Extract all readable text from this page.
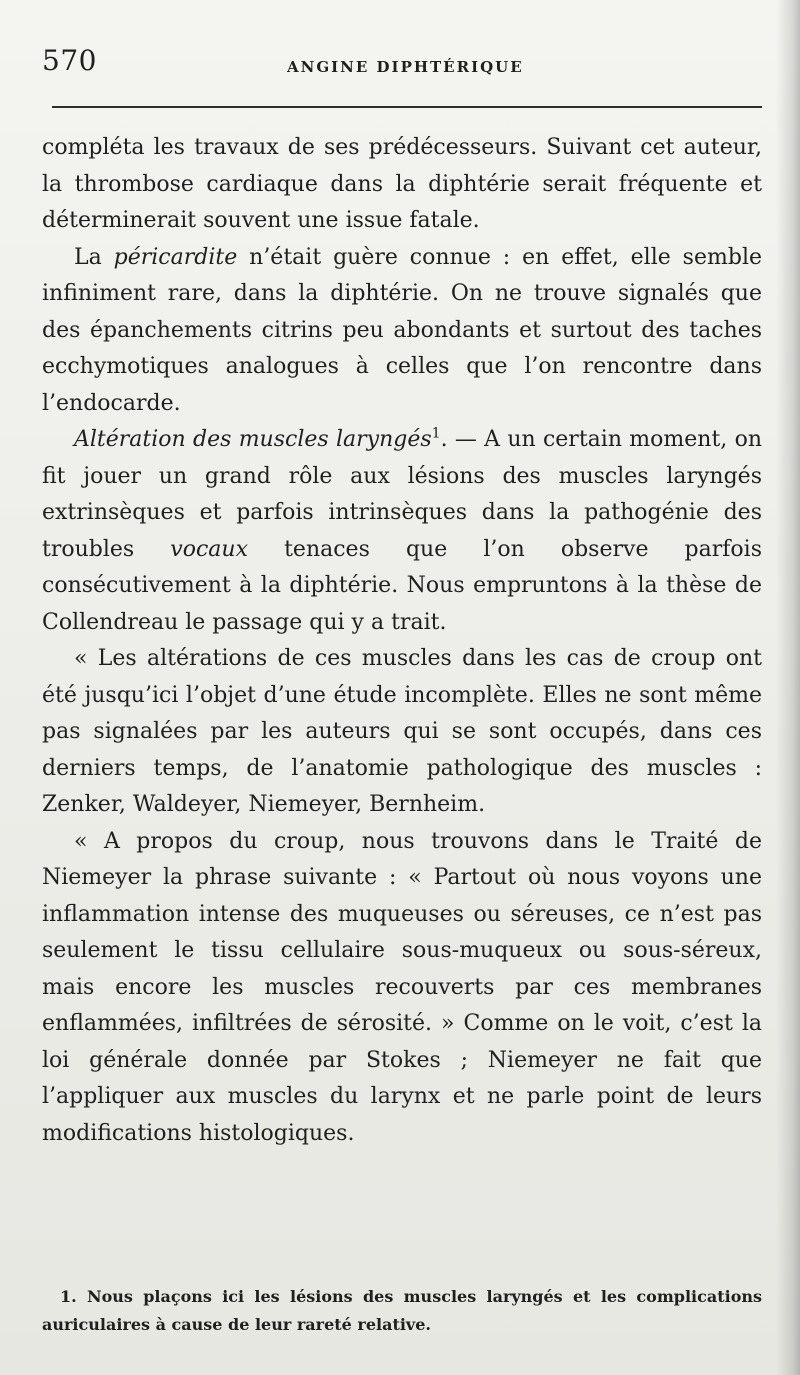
570	ANGINE DIPHTÉRIQUE

compléta les travaux de ses prédécesseurs. Suivant cet auteur, la thrombose cardiaque dans la diphtérie serait fréquente et déterminerait souvent une issue fatale.

La péricardite n’était guère connue : en effet, elle semble infiniment rare, dans la diphtérie. On ne trouve signalés que des épanchements citrins peu abondants et surtout des taches ecchymotiques analogues à celles que l’on rencontre dans l’endocarde.

Altération des muscles laryngés$^1$. — A un certain moment, on fit jouer un grand rôle aux lésions des muscles laryngés extrinsèques et parfois intrinsèques dans la pathogénie des troubles vocaux tenaces que l’on observe parfois consécutivement à la diphtérie. Nous empruntons à la thèse de Collendreau le passage qui y a trait.

« Les altérations de ces muscles dans les cas de croup ont été jusqu’ici l’objet d’une étude incomplète. Elles ne sont même pas signalées par les auteurs qui se sont occupés, dans ces derniers temps, de l’anatomie pathologique des muscles : Zenker, Waldeyer, Niemeyer, Bernheim.

« A propos du croup, nous trouvons dans le Traité de Niemeyer la phrase suivante : « Partout où nous voyons une inflammation intense des muqueuses ou séreuses, ce n’est pas seulement le tissu cellulaire sous-muqueux ou sous-séreux, mais encore les muscles recouverts par ces membranes enflammées, infiltrées de sérosité. » Comme on le voit, c’est la loi générale donnée par Stokes ; Niemeyer ne fait que l’appliquer aux muscles du larynx et ne parle point de leurs modifications histologiques.

1. Nous plaçons ici les lésions des muscles laryngés et les complications auriculaires à cause de leur rareté relative.
